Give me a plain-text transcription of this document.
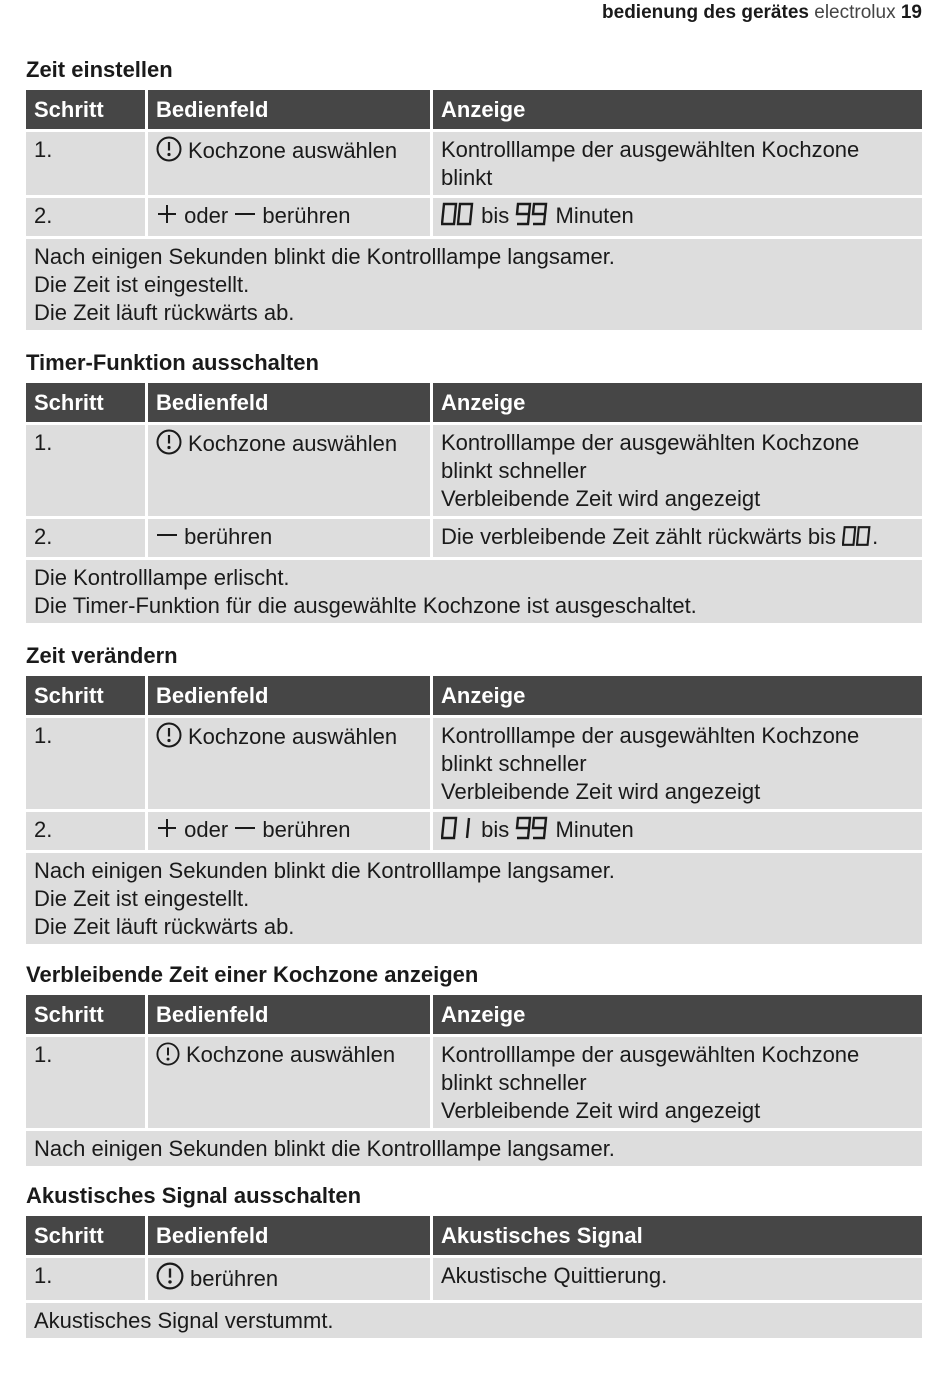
bedienung des gerätes electrolux 19
Zeit einstellen
Schritt	Bedienfeld	Anzeige
1.	Kochzone auswählen	Kontrolllampe der ausgewählten Kochzone
blinkt

2.	oder berühren	bis Minuten

Nach einigen Sekunden blinkt die Kontrolllampe langsamer.
Die Zeit ist eingestellt.
Die Zeit läuft rückwärts ab.		
Timer-Funktion ausschalten
Schritt	Bedienfeld	Anzeige
1.	Kochzone auswählen	Kontrolllampe der ausgewählten Kochzone
blinkt schneller
Verbleibende Zeit wird angezeigt

2.	berühren	Die verbleibende Zeit zählt rückwärts bis .

Die Kontrolllampe erlischt.
Die Timer-Funktion für die ausgewählte Kochzone ist ausgeschaltet.		
Zeit verändern
Schritt	Bedienfeld	Anzeige
1.	Kochzone auswählen	Kontrolllampe der ausgewählten Kochzone
blinkt schneller
Verbleibende Zeit wird angezeigt

2.	oder berühren	bis Minuten

Nach einigen Sekunden blinkt die Kontrolllampe langsamer.
Die Zeit ist eingestellt.
Die Zeit läuft rückwärts ab.		
Verbleibende Zeit einer Kochzone anzeigen
Schritt	Bedienfeld	Anzeige
1.	Kochzone auswählen	Kontrolllampe der ausgewählten Kochzone
blinkt schneller
Verbleibende Zeit wird angezeigt

Nach einigen Sekunden blinkt die Kontrolllampe langsamer.		
Akustisches Signal ausschalten
Schritt	Bedienfeld	Akustisches Signal
1.	berühren	Akustische Quittierung.

Akustisches Signal verstummt.		
